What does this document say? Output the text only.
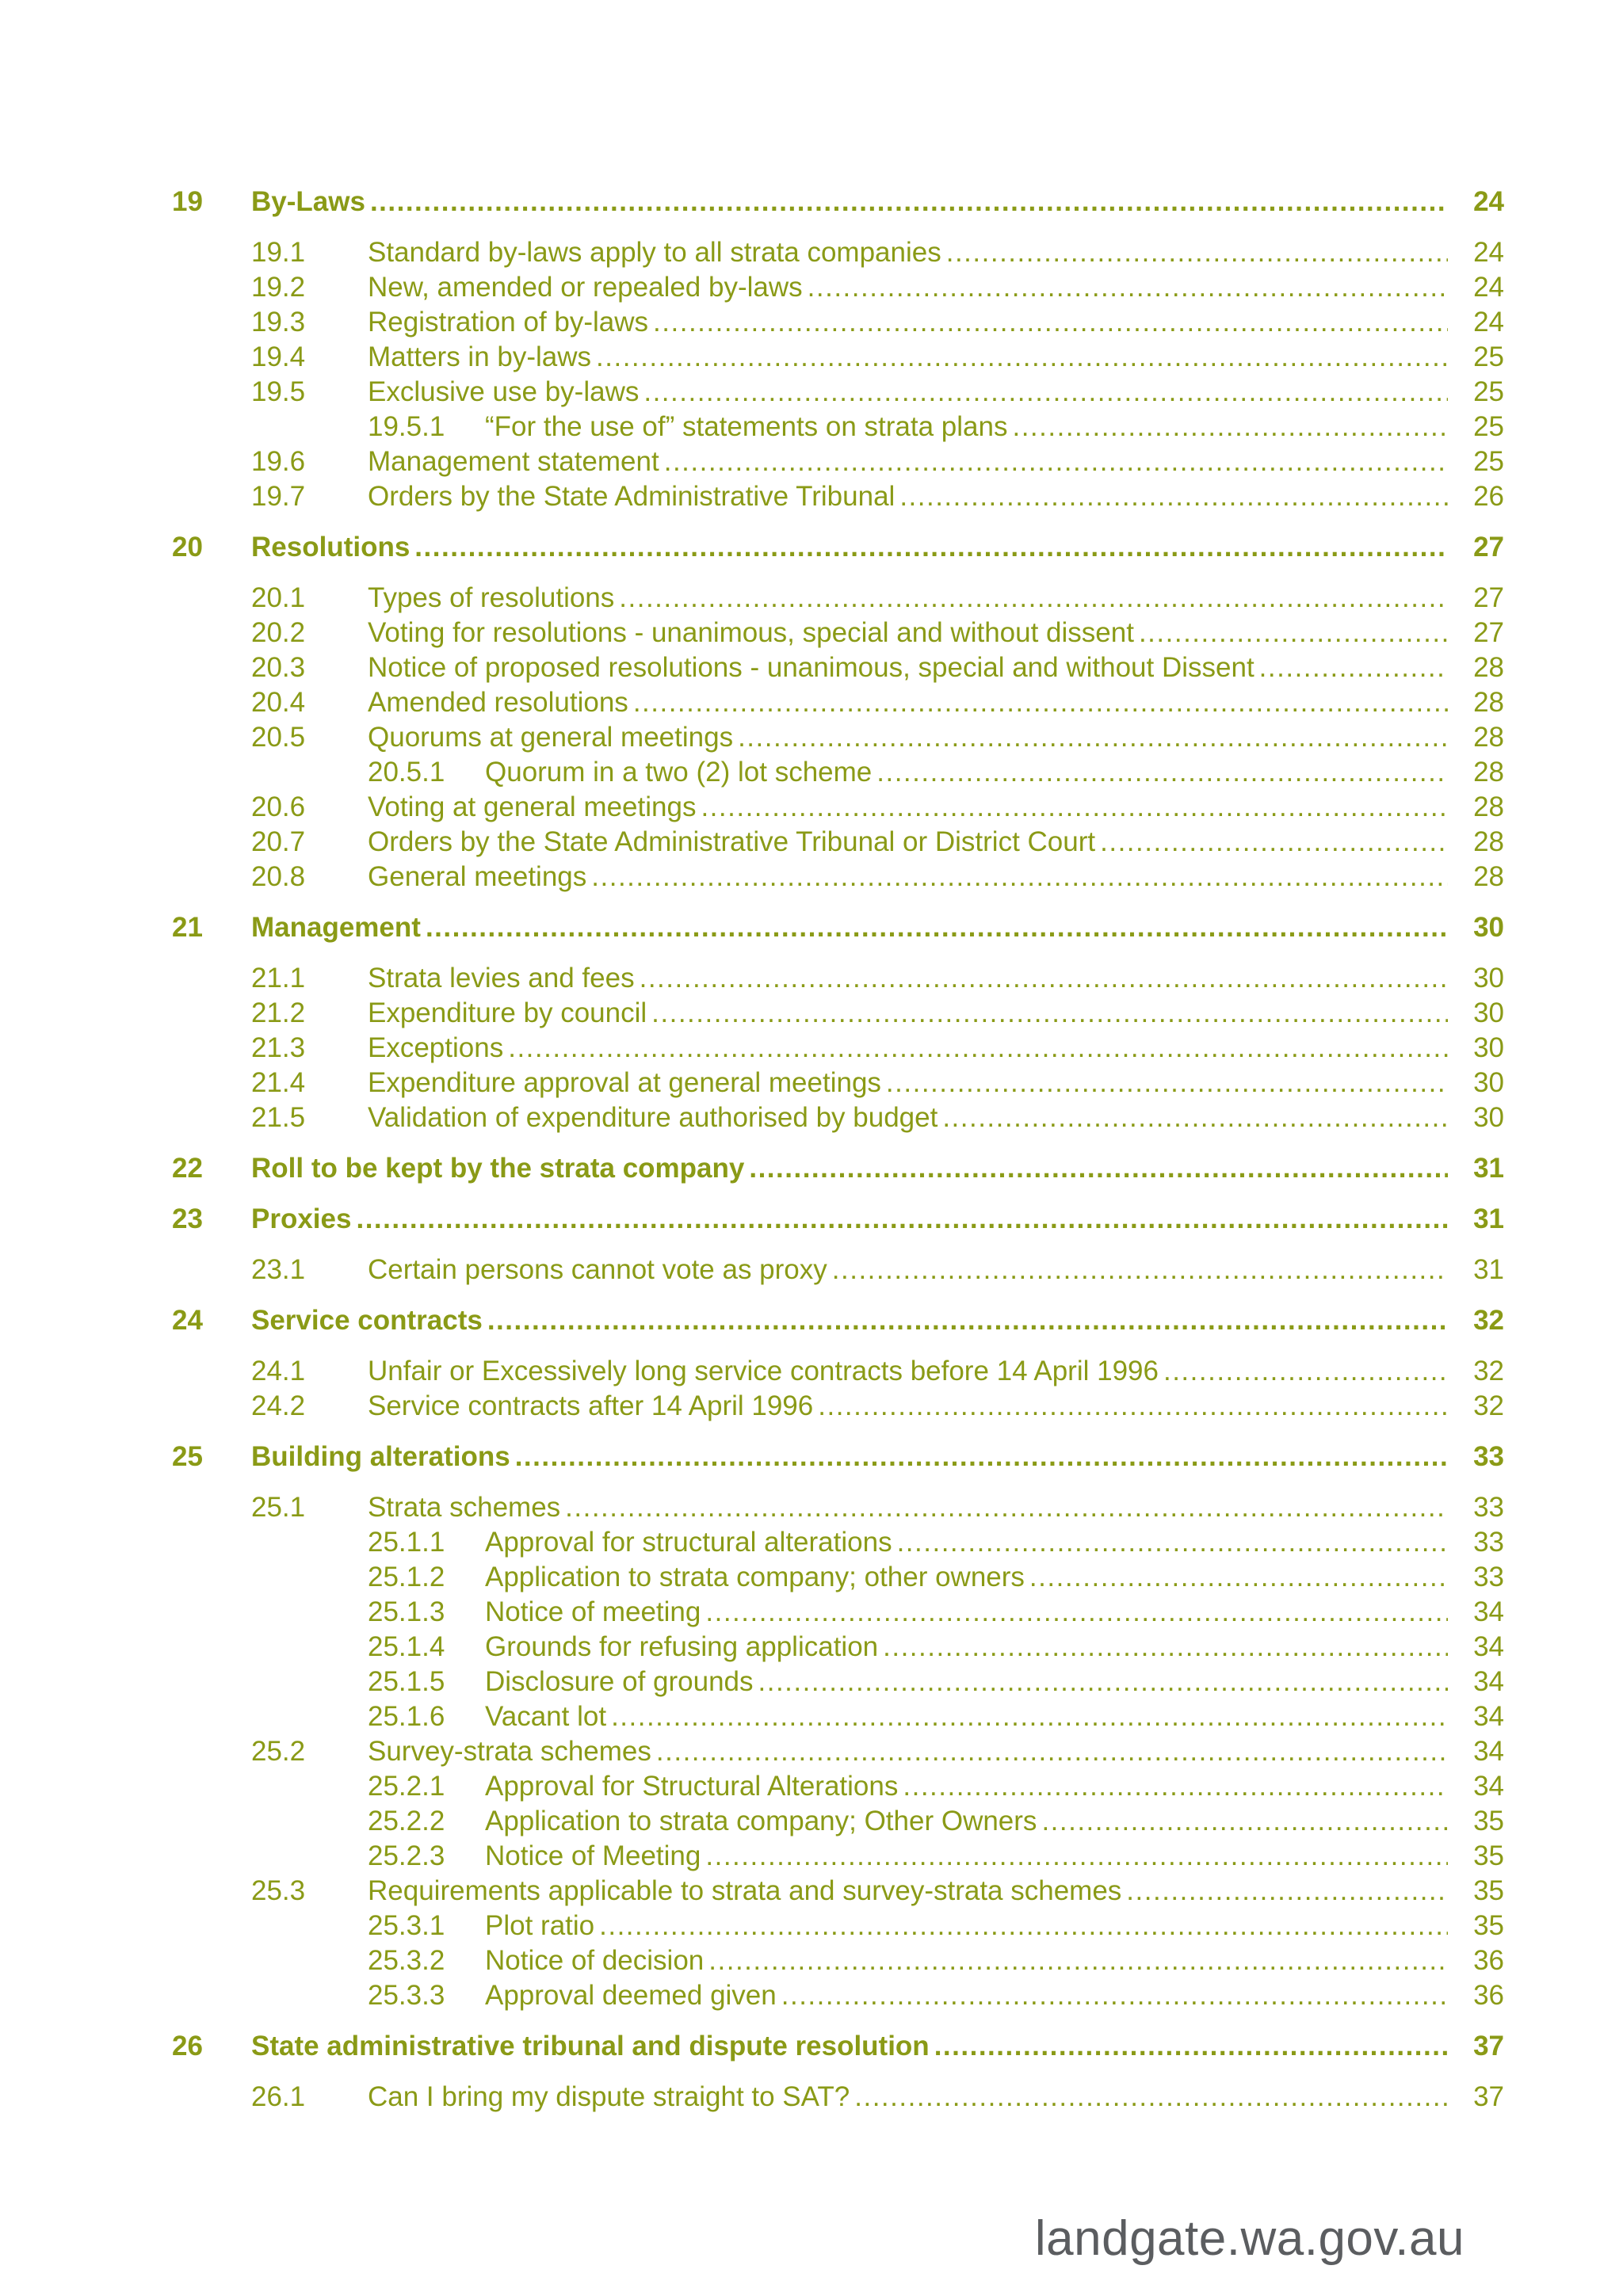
19 By-Laws .....	24
19.1 Standard by-laws apply to all strata companies .....	24
19.2 New, amended or repealed by-laws .....	24
19.3 Registration of by-laws .....	24
19.4 Matters in by-laws .....	25
19.5 Exclusive use by-laws .....	25
19.5.1 “For the use of” statements on strata plans .....	25
19.6 Management statement .....	25
19.7 Orders by the State Administrative Tribunal .....	26
20 Resolutions .....	27
20.1 Types of resolutions .....	27
20.2 Voting for resolutions - unanimous, special and without dissent .....	27
20.3 Notice of proposed resolutions - unanimous, special and without Dissent .....	28
20.4 Amended resolutions .....	28
20.5 Quorums at general meetings .....	28
20.5.1 Quorum in a two (2) lot scheme .....	28
20.6 Voting at general meetings .....	28
20.7 Orders by the State Administrative Tribunal or District Court .....	28
20.8 General meetings .....	28
21 Management .....	30
21.1 Strata levies and fees .....	30
21.2 Expenditure by council .....	30
21.3 Exceptions .....	30
21.4 Expenditure approval at general meetings .....	30
21.5 Validation of expenditure authorised by budget .....	30
22 Roll to be kept by the strata company .....	31
23 Proxies .....	31
23.1 Certain persons cannot vote as proxy .....	31
24 Service contracts .....	32
24.1 Unfair or Excessively long service contracts before 14 April 1996 .....	32
24.2 Service contracts after 14 April 1996 .....	32
25 Building alterations .....	33
25.1 Strata schemes .....	33
25.1.1 Approval for structural alterations .....	33
25.1.2 Application to strata company; other owners .....	33
25.1.3 Notice of meeting .....	34
25.1.4 Grounds for refusing application .....	34
25.1.5 Disclosure of grounds .....	34
25.1.6 Vacant lot .....	34
25.2 Survey-strata schemes .....	34
25.2.1 Approval for Structural Alterations .....	34
25.2.2 Application to strata company; Other Owners .....	35
25.2.3 Notice of Meeting .....	35
25.3 Requirements applicable to strata and survey-strata schemes .....	35
25.3.1 Plot ratio .....	35
25.3.2 Notice of decision .....	36
25.3.3 Approval deemed given .....	36
26 State administrative tribunal and dispute resolution .....	37
26.1 Can I bring my dispute straight to SAT? .....	37
landgate.wa.gov.au
